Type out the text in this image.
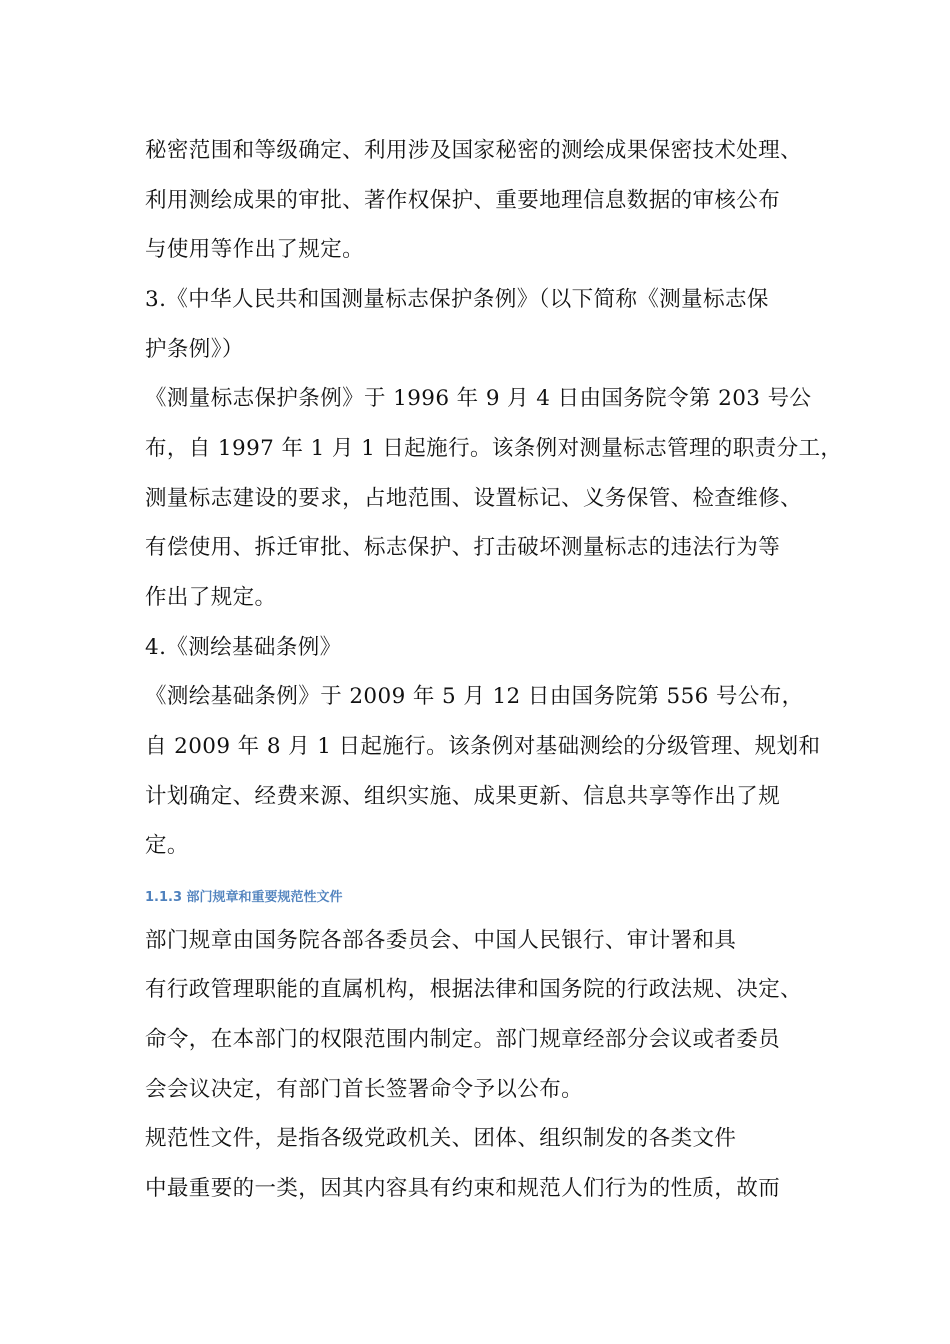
秘密范围和等级确定、利用涉及国家秘密的测绘成果保密技术处理、
利用测绘成果的审批、著作权保护、重要地理信息数据的审核公布
与使用等作出了规定。
3.《中华人民共和国测量标志保护条例》（以下简称《测量标志保
护条例》）
《测量标志保护条例》于 1996 年 9 月 4 日由国务院令第 203 号公
布，自 1997 年 1 月 1 日起施行。该条例对测量标志管理的职责分工，
测量标志建设的要求，占地范围、设置标记、义务保管、检查维修、
有偿使用、拆迁审批、标志保护、打击破坏测量标志的违法行为等
作出了规定。
4.《测绘基础条例》
《测绘基础条例》于 2009 年 5 月 12 日由国务院第 556 号公布，
自 2009 年 8 月 1 日起施行。该条例对基础测绘的分级管理、规划和
计划确定、经费来源、组织实施、成果更新、信息共享等作出了规
定。
1.1.3 部门规章和重要规范性文件
部门规章由国务院各部各委员会、中国人民银行、审计署和具
有行政管理职能的直属机构，根据法律和国务院的行政法规、决定、
命令，在本部门的权限范围内制定。部门规章经部分会议或者委员
会会议决定，有部门首长签署命令予以公布。
规范性文件，是指各级党政机关、团体、组织制发的各类文件
中最重要的一类，因其内容具有约束和规范人们行为的性质，故而
